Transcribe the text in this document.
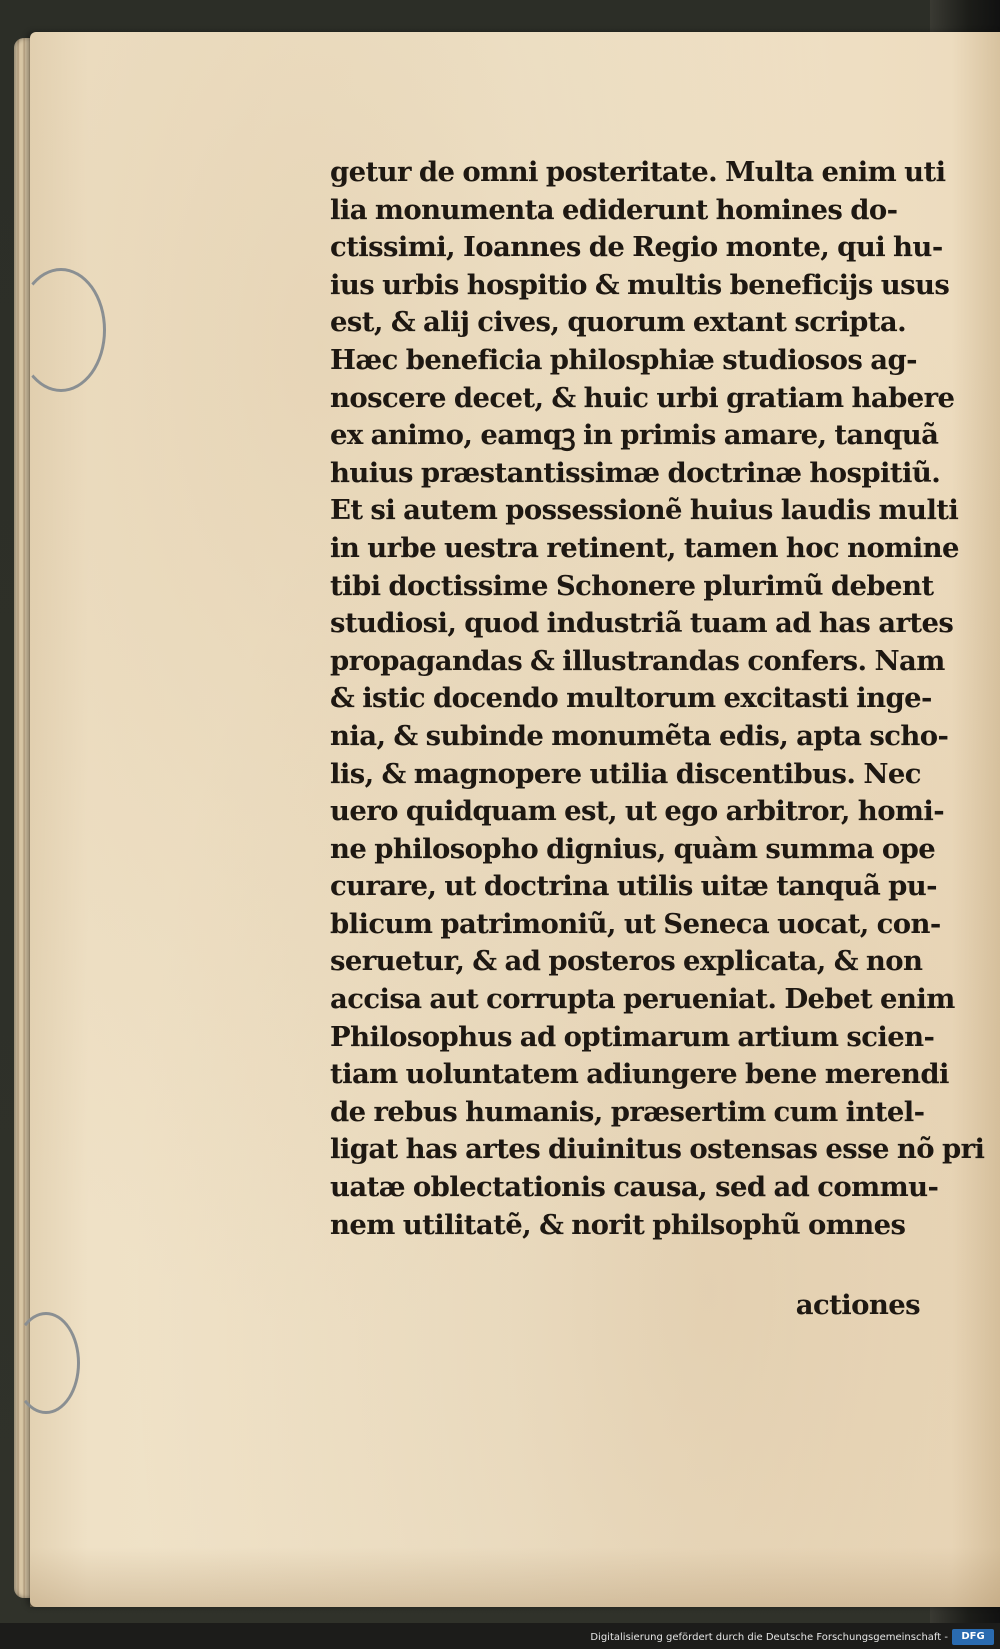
getur de omni posteritate. Multa enim uti
lia monumenta ediderunt homines do-
ctissimi, Ioannes de Regio monte, qui hu-
ius urbis hospitio & multis beneficijs usus
est, & alij cives, quorum extant scripta.
Hæc beneficia philosphiæ studiosos ag-
noscere decet, & huic urbi gratiam habere
ex animo, eamqꝫ in primis amare, tanquã
huius præstantissimæ doctrinæ hospitiũ.
Et si autem possessionẽ huius laudis multi
in urbe uestra retinent, tamen hoc nomine
tibi doctissime Schonere plurimũ debent
studiosi, quod industriã tuam ad has artes
propagandas & illustrandas confers. Nam
& istic docendo multorum excitasti inge-
nia, & subinde monumẽta edis, apta scho-
lis, & magnopere utilia discentibus. Nec
uero quidquam est, ut ego arbitror, homi-
ne philosopho dignius, quàm summa ope
curare, ut doctrina utilis uitæ tanquã pu-
blicum patrimoniũ, ut Seneca uocat, con-
seruetur, & ad posteros explicata, & non
accisa aut corrupta perueniat. Debet enim
Philosophus ad optimarum artium scien-
tiam uoluntatem adiungere bene merendi
de rebus humanis, præsertim cum intel-
ligat has artes diuinitus ostensas esse nõ pri
uatæ oblectationis causa, sed ad commu-
nem utilitatẽ, & norit philsophũ omnes
actiones
Digitalisierung gefördert durch die Deutsche Forschungsgemeinschaft -	DFG
